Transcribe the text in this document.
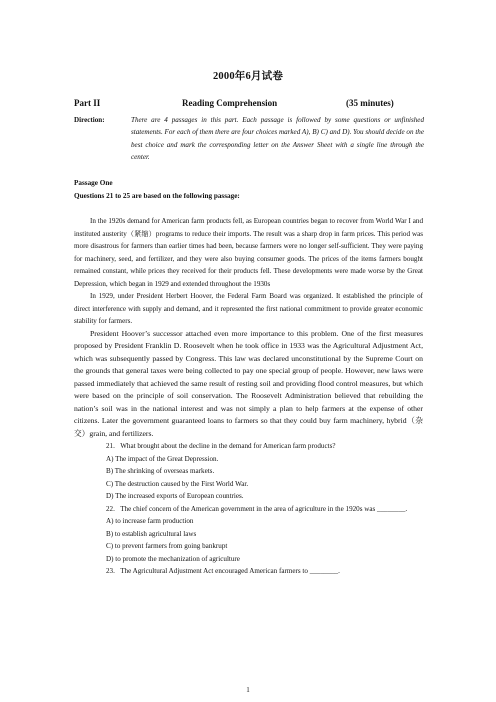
2000年6月试卷
Part II	Reading Comprehension	(35 minutes)
Direction:	There are 4 passages in this part. Each passage is followed by some questions or unfinished statements. For each of them there are four choices marked A), B) C) and D). You should decide on the best choice and mark the corresponding letter on the Answer Sheet with a single line through the center.
Passage One
Questions 21 to 25 are based on the following passage:

In the 1920s demand for American farm products fell, as European countries began to recover from World War I and instituted austerity（紧缩）programs to reduce their imports. The result was a sharp drop in farm prices. This period was more disastrous for farmers than earlier times had been, because farmers were no longer self-sufficient. They were paying for machinery, seed, and fertilizer, and they were also buying consumer goods. The prices of the items farmers bought remained constant, while prices they received for their products fell. These developments were made worse by the Great Depression, which began in 1929 and extended throughout the 1930s

In 1929, under President Herbert Hoover, the Federal Farm Board was organized. It established the principle of direct interference with supply and demand, and it represented the first national commitment to provide greater economic stability for farmers.

President Hoover’s successor attached even more importance to this problem. One of the first measures proposed by President Franklin D. Roosevelt when he took office in 1933 was the Agricultural Adjustment Act, which was subsequently passed by Congress. This law was declared unconstitutional by the Supreme Court on the grounds that general taxes were being collected to pay one special group of people. However, new laws were passed immediately that achieved the same result of resting soil and providing flood control measures, but which were based on the principle of soil conservation. The Roosevelt Administration believed that rebuilding the nation’s soil was in the national interest and was not simply a plan to help farmers at the expense of other citizens. Later the government guaranteed loans to farmers so that they could buy farm machinery, hybrid（杂交）grain, and fertilizers.

21. What brought about the decline in the demand for American farm products?

A) The impact of the Great Depression.

B) The shrinking of overseas markets.

C) The destruction caused by the First World War.

D) The increased exports of European countries.

22. The chief concern of the American government in the area of agriculture in the 1920s was ________.

A) to increase farm production

B) to establish agricultural laws

C) to prevent farmers from going bankrupt

D) to promote the mechanization of agriculture

23. The Agricultural Adjustment Act encouraged American farmers to ________.

1
